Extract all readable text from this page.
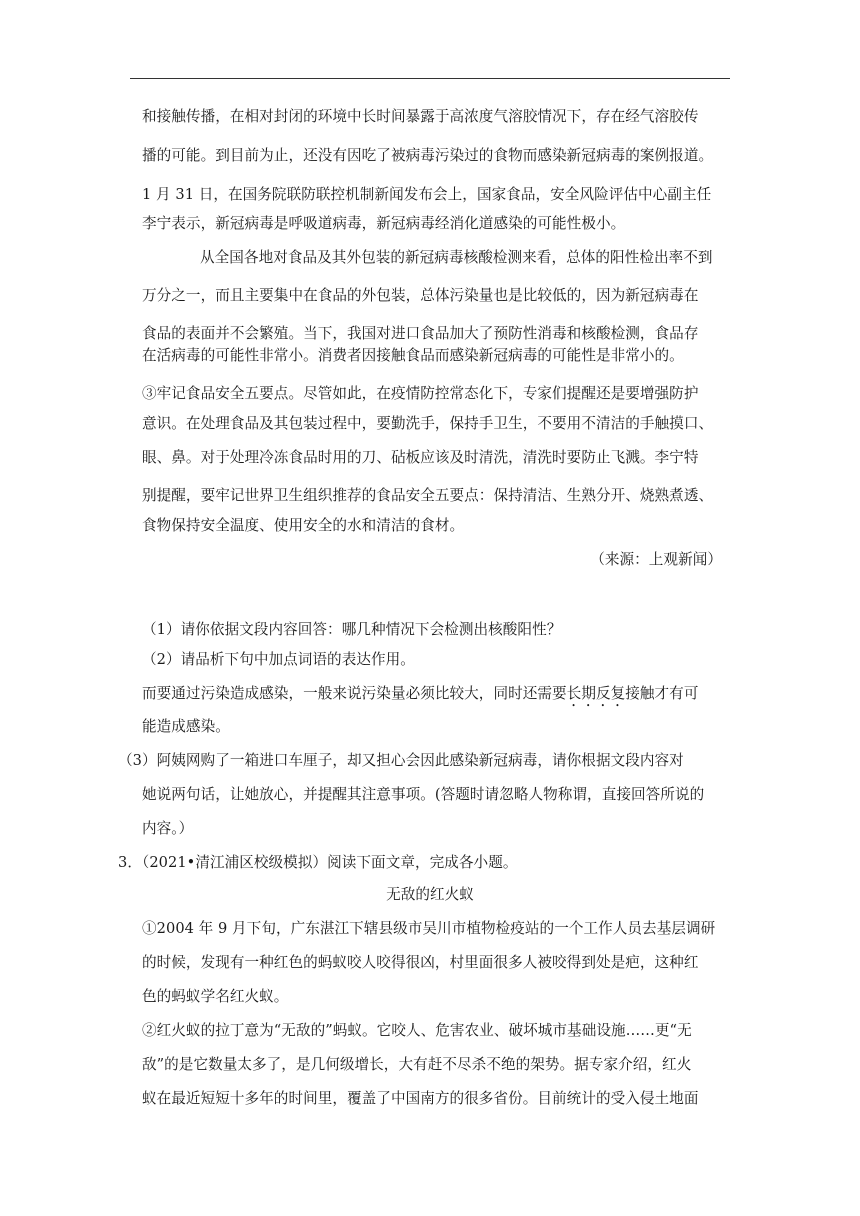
和接触传播，在相对封闭的环境中长时间暴露于高浓度气溶胶情况下，存在经气溶胶传
播的可能。到目前为止，还没有因吃了被病毒污染过的食物而感染新冠病毒的案例报道。
1 月 31 日，在国务院联防联控机制新闻发布会上，国家食品，安全风险评估中心副主任
李宁表示，新冠病毒是呼吸道病毒，新冠病毒经消化道感染的可能性极小。
从全国各地对食品及其外包装的新冠病毒核酸检测来看，总体的阳性检出率不到
万分之一，而且主要集中在食品的外包装，总体污染量也是比较低的，因为新冠病毒在
食品的表面并不会繁殖。当下，我国对进口食品加大了预防性消毒和核酸检测，食品存
在活病毒的可能性非常小。消费者因接触食品而感染新冠病毒的可能性是非常小的。
③牢记食品安全五要点。尽管如此，在疫情防控常态化下，专家们提醒还是要增强防护
意识。在处理食品及其包装过程中，要勤洗手，保持手卫生，不要用不清洁的手触摸口、
眼、鼻。对于处理冷冻食品时用的刀、砧板应该及时清洗，清洗时要防止飞溅。李宁特
别提醒，要牢记世界卫生组织推荐的食品安全五要点：保持清洁、生熟分开、烧熟煮透、
食物保持安全温度、使用安全的水和清洁的食材。
（来源：上观新闻）
（1）请你依据文段内容回答：哪几种情况下会检测出核酸阳性？
（2）请品析下句中加点词语的表达作用。
而要通过污染造成感染，一般来说污染量必须比较大，同时还需要长期反复接触才有可
能造成感染。
（3）阿姨网购了一箱进口车厘子，却又担心会因此感染新冠病毒，请你根据文段内容对
她说两句话，让她放心，并提醒其注意事项。(答题时请忽略人物称谓，直接回答所说的
内容。）
3．（2021•清江浦区校级模拟）阅读下面文章，完成各小题。
无敌的红火蚁
①2004 年 9 月下旬，广东湛江下辖县级市吴川市植物检疫站的一个工作人员去基层调研
的时候，发现有一种红色的蚂蚁咬人咬得很凶，村里面很多人被咬得到处是疤，这种红
色的蚂蚁学名红火蚁。
②红火蚁的拉丁意为“无敌的”蚂蚁。它咬人、危害农业、破坏城市基础设施……更“无
敌”的是它数量太多了，是几何级增长，大有赶不尽杀不绝的架势。据专家介绍，红火
蚁在最近短短十多年的时间里，覆盖了中国南方的很多省份。目前统计的受入侵土地面
